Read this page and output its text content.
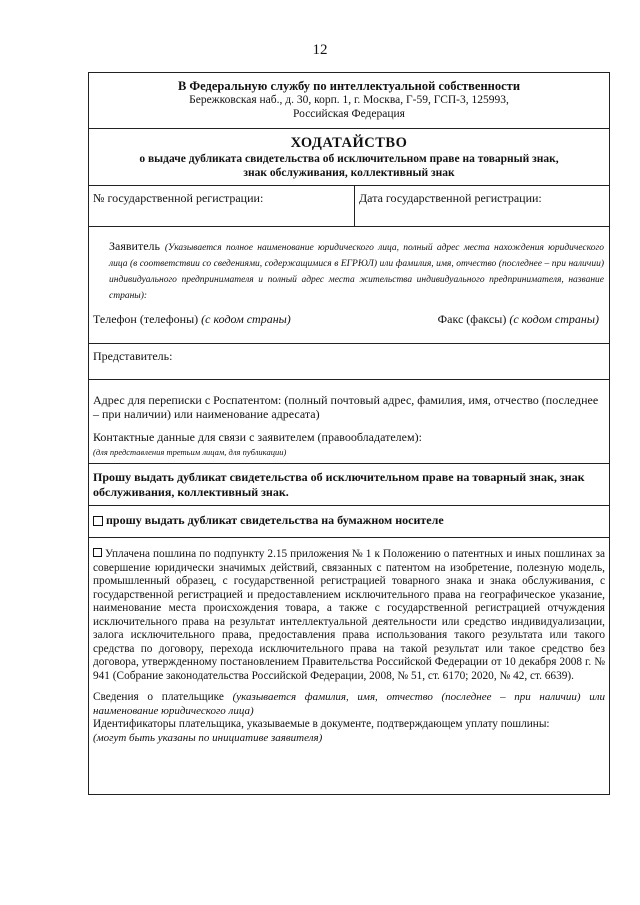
12
В Федеральную службу по интеллектуальной собственности
Бережковская наб., д. 30, корп. 1, г. Москва, Г-59, ГСП-3, 125993,
Российская Федерация
ХОДАТАЙСТВО
о выдаче дубликата свидетельства об исключительном праве на товарный знак,
знак обслуживания, коллективный знак
№ государственной регистрации:	Дата государственной регистрации:

Заявитель (Указывается полное наименование юридического лица, полный адрес места нахождения юридического лица (в соответствии со сведениями, содержащимися в ЕГРЮЛ) или фамилия, имя, отчество (последнее – при наличии) индивидуального предпринимателя и полный адрес места жительства индивидуального предпринимателя, название страны):

Телефон (телефоны) (с кодом страны)	Факс (факсы) (с кодом страны)
Представитель:

Адрес для переписки с Роспатентом: (полный почтовый адрес, фамилия, имя, отчество (последнее – при наличии) или наименование адресата)

Контактные данные для связи с заявителем (правообладателем):

(для представления третьим лицам, для публикации)

Прошу выдать дубликат свидетельства об исключительном праве на товарный знак, знак обслуживания, коллективный знак.
прошу выдать дубликат свидетельства на бумажном носителе

Уплачена пошлина по подпункту 2.15 приложения № 1 к Положению о патентных и иных пошлинах за совершение юридически значимых действий, связанных с патентом на изобретение, полезную модель, промышленный образец, с государственной регистрацией товарного знака и знака обслуживания, с государственной регистрацией и предоставлением исключительного права на географическое указание, наименование места происхождения товара, а также с государственной регистрацией отчуждения исключительного права на результат интеллектуальной деятельности или средство индивидуализации, залога исключительного права, предоставления права использования такого результата или такого средства по договору, перехода исключительного права на такой результат или такое средство без договора, утвержденному постановлением Правительства Российской Федерации от 10 декабря 2008 г. № 941 (Собрание законодательства Российской Федерации, 2008, № 51, ст. 6170; 2020, № 42, ст. 6639).

Сведения о плательщике (указывается фамилия, имя, отчество (последнее – при наличии) или наименование юридического лица)

Идентификаторы плательщика, указываемые в документе, подтверждающем уплату пошлины:

(могут быть указаны по инициативе заявителя)
